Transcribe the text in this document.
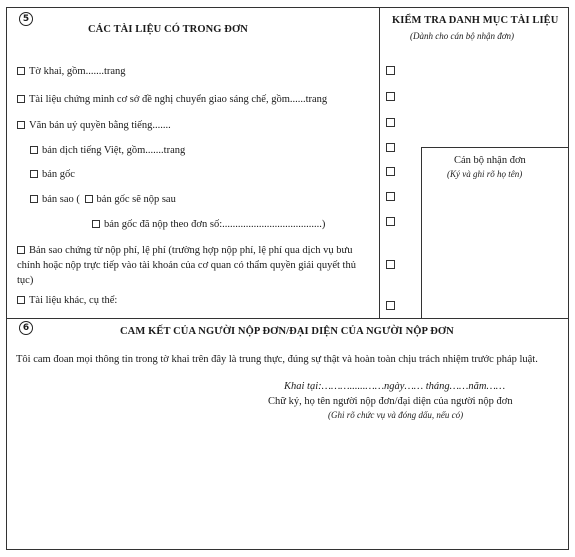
5
CÁC TÀI LIỆU CÓ TRONG ĐƠN
KIỂM TRA DANH MỤC TÀI LIỆU
(Dành cho cán bộ nhận đơn)
Tờ khai, gồm.......trang
Tài liệu chứng minh cơ sở đề nghị chuyển giao sáng chế, gồm......trang
Văn bản uỷ quyền bằng tiếng.......
bản dịch tiếng Việt, gồm.......trang
bản gốc
bản sao ( bản gốc sẽ nộp sau
bản gốc đã nộp theo đơn số:......................................)
Bản sao chứng từ nộp phí, lệ phí (trường hợp nộp phí, lệ phí qua dịch vụ bưu chính hoặc nộp trực tiếp vào tài khoản của cơ quan có thẩm quyền giải quyết thủ tục)
Tài liệu khác, cụ thể:
Cán bộ nhận đơn
(Ký và ghi rõ họ tên)
6	CAM KẾT CỦA NGƯỜI NỘP ĐƠN/ĐẠI DIỆN CỦA NGƯỜI NỘP ĐƠN
Tôi cam đoan mọi thông tin trong tờ khai trên đây là trung thực, đúng sự thật và hoàn toàn chịu trách nhiệm trước pháp luật.
Khai tại:………......……ngày…… tháng……năm……
Chữ ký, họ tên người nộp đơn/đại diện của người nộp đơn
(Ghi rõ chức vụ và đóng dấu, nếu có)
